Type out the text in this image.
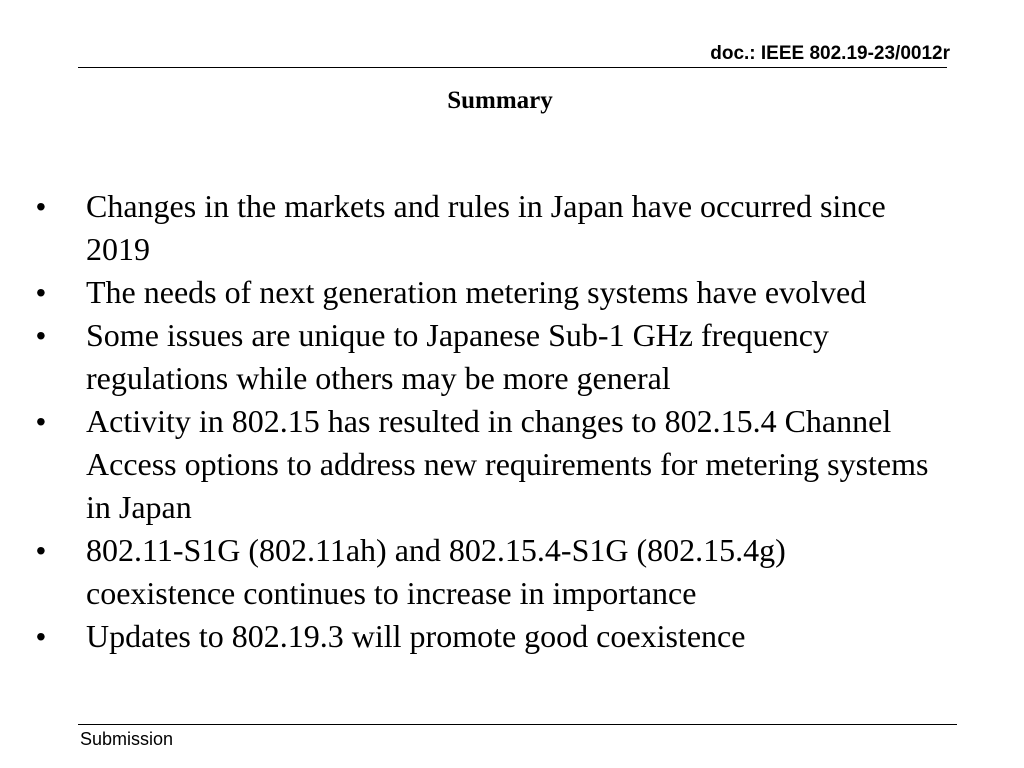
doc.: IEEE 802.19-23/0012r
Summary
• Changes in the markets and rules in Japan have occurred since 2019
• The needs of next generation metering systems have evolved
• Some issues are unique to Japanese Sub-1 GHz frequency regulations while others may be more general
• Activity in 802.15 has resulted in changes to 802.15.4 Channel Access options to address new requirements for metering systems in Japan
• 802.11-S1G (802.11ah) and 802.15.4-S1G (802.15.4g) coexistence continues to increase in importance
• Updates to 802.19.3 will promote good coexistence
Submission
